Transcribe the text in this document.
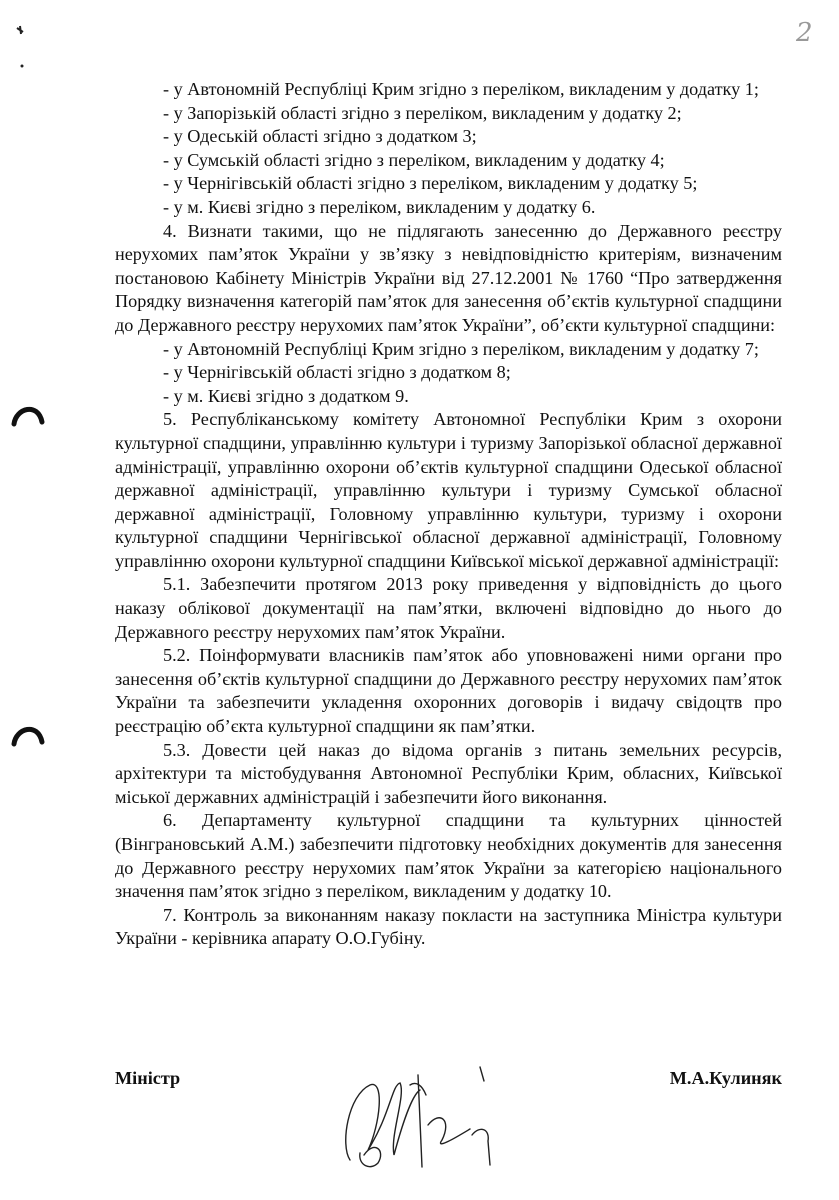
2

- у Автономній Республіці Крим згідно з переліком, викладеним у додатку 1;

- у Запорізькій області згідно з переліком, викладеним у додатку 2;

- у Одеській області згідно з додатком 3;

- у Сумській області згідно з переліком, викладеним у додатку 4;

- у Чернігівській області згідно з переліком, викладеним у додатку 5;

- у м. Києві згідно з переліком, викладеним у додатку 6.

4. Визнати такими, що не підлягають занесенню до Державного реєстру нерухомих пам’яток України у зв’язку з невідповідністю критеріям, визначеним постановою Кабінету Міністрів України від 27.12.2001 № 1760 “Про затвердження Порядку визначення категорій пам’яток для занесення об’єктів культурної спадщини до Державного реєстру нерухомих пам’яток України”, об’єкти культурної спадщини:

- у Автономній Республіці Крим згідно з переліком, викладеним у додатку 7;

- у Чернігівській області згідно з додатком 8;

- у м. Києві згідно з додатком 9.

5. Республіканському комітету Автономної Республіки Крим з охорони культурної спадщини, управлінню культури і туризму Запорізької обласної державної адміністрації, управлінню охорони об’єктів культурної спадщини Одеської обласної державної адміністрації, управлінню культури і туризму Сумської обласної державної адміністрації, Головному управлінню культури, туризму і охорони культурної спадщини Чернігівської обласної державної адміністрації, Головному управлінню охорони культурної спадщини Київської міської державної адміністрації:

5.1. Забезпечити протягом 2013 року приведення у відповідність до цього наказу облікової документації на пам’ятки, включені відповідно до нього до Державного реєстру нерухомих пам’яток України.

5.2. Поінформувати власників пам’яток або уповноважені ними органи про занесення об’єктів культурної спадщини до Державного реєстру нерухомих пам’яток України та забезпечити укладення охоронних договорів і видачу свідоцтв про реєстрацію об’єкта культурної спадщини як пам’ятки.

5.3. Довести цей наказ до відома органів з питань земельних ресурсів, архітектури та містобудування Автономної Республіки Крим, обласних, Київської міської державних адміністрацій і забезпечити його виконання.

6. Департаменту культурної спадщини та культурних цінностей (Вінграновський А.М.) забезпечити підготовку необхідних документів для занесення до Державного реєстру нерухомих пам’яток України за категорією національного значення пам’яток згідно з переліком, викладеним у додатку 10.

7. Контроль за виконанням наказу покласти на заступника Міністра культури України - керівника апарату О.О.Губіну.

Міністр	М.А.Кулиняк
